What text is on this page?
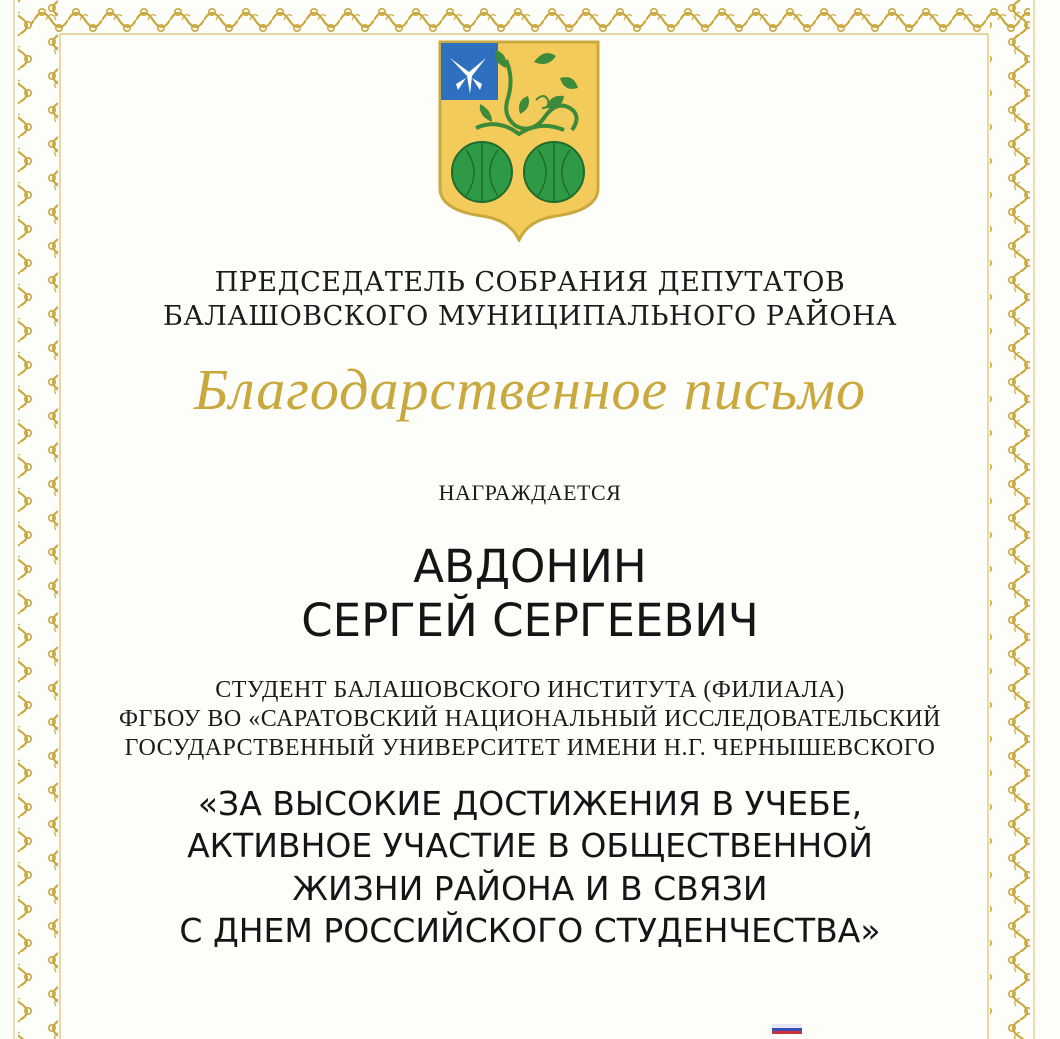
ПРЕДСЕДАТЕЛЬ СОБРАНИЯ ДЕПУТАТОВ
БАЛАШОВСКОГО МУНИЦИПАЛЬНОГО РАЙОНА
Благодарственное письмо
НАГРАЖДАЕТСЯ
АВДОНИН
СЕРГЕЙ СЕРГЕЕВИЧ
СТУДЕНТ БАЛАШОВСКОГО ИНСТИТУТА (ФИЛИАЛА)
ФГБОУ ВО «САРАТОВСКИЙ НАЦИОНАЛЬНЫЙ ИССЛЕДОВАТЕЛЬСКИЙ
ГОСУДАРСТВЕННЫЙ УНИВЕРСИТЕТ ИМЕНИ Н.Г. ЧЕРНЫШЕВСКОГО
«ЗА ВЫСОКИЕ ДОСТИЖЕНИЯ В УЧЕБЕ,
АКТИВНОЕ УЧАСТИЕ В ОБЩЕСТВЕННОЙ
ЖИЗНИ РАЙОНА И В СВЯЗИ
С ДНЕМ РОССИЙСКОГО СТУДЕНЧЕСТВА»
